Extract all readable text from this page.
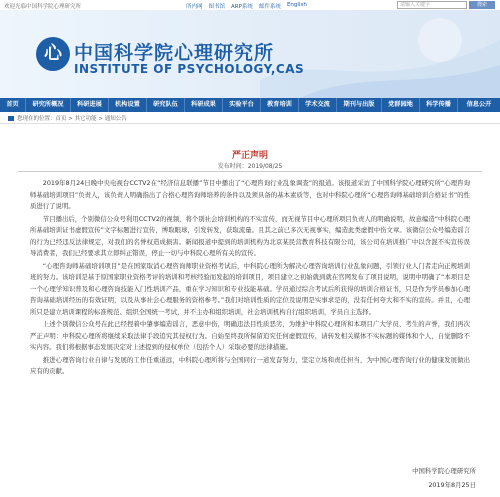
欢迎光临中国科学院心理研究所	所内网 图书馆 ARP系统 邮件系统 English	请输入关键字	搜索
心 中国科学院心理研究所
INSTITUTE OF PSYCHOLOGY,CAS
首页	研究所概况	科研进展	机构设置	研究队伍	科研成果	实验平台	教育培训	学术交流	期刊与出版	党群园地	科学传播	信息公开
您现在的位置：首页 > 其它功能 > 通知公告
严正声明
发布时间：2019/08/25

2019年8月24日晚中央电视台CCTV2在“经济信息联播”节目中播出了“心理咨询行业乱象调查”的报道。该报道采访了中国科学院心理研究所“心理咨询师基础培训项目”负责人，该负责人明确指出了合格心理咨询师培养的条件以及须具备的基本素质等，也对中科院心理所“心理咨询师基础培训合格证书”的性质进行了说明。

节目播出后，个别微信公众号利用CCTV2的视频，将个别社会培训机构的不实宣传，而无视节目中心理所项目负责人的明确说明，故意编造“中科院心理所基础培训证书虚假宣传”文字标题进行宣传，博取眼球，引发转发，获取流量。且其之前已多次无视事实，编造此类虚假中伤文章。该微信公众号编造谣言的行为已经违反法律规定，对我们的名誉权造成损害。新闻报道中提到的培训机构为北京某民营教育科技有限公司，该公司在培训推广中以含混不实宣传误导消费者，我们已经要求其立即纠正错误，停止一切与中科院心理所有关的宣传。

“心理咨询师基础培训项目”是在国家取消心理咨询师职业资格考试后，中科院心理所为解决心理咨询培训行业乱象问题，引领行业人门者走向正规培训班的努力。该培训是基于原国家职业资格考评的培训和考核经验而发起的培训项目，项目建立之初始就到就在官网发布了项目说明，说明中明确了“本项目是一个心理学知识普及和心理咨询技能入门性培训产品，重在学习知识和专业技能基础。学员通过综合考试后所获得的培训合格证书，只是作为学员参加心理咨询基础培训经历的有效证明，以及从事社会心理服务的资格参考。”我们对培训性质的定位及说明是实事求是的，没有任何夸大和不实的宣传。并且，心理所只是建立培训课程的标准规范、组织全国统一考试，并不主办和组织培训，社会培训机构自行组织培训，学员自主选择。

上述个别微信公众号在此已经捏着中肇事编造谣言，恶意中伤，明确违法目性质恶劣，为维护中科院心理所和本项目广大学员、考生的声誉，我们再次严正声明：中科院心理所将继续采取法律手段追究其侵权行为。自始至终我所保留追究任何虚假宣传，请转发相关媒体不实标题的媒体和个人，自觉删除不实内容。我们将根据事态发展决定对上述提到的侵权单位（包括个人）采取必要的法律措施。

推进心理咨询行业自律与发展的工作任重道远，中科院心理所将与全国同行一道发奋努力，坚定立场和责任担当，为中国心理咨询行业的健康发展做出应有的贡献。

中国科学院心理研究所
2019年8月25日
